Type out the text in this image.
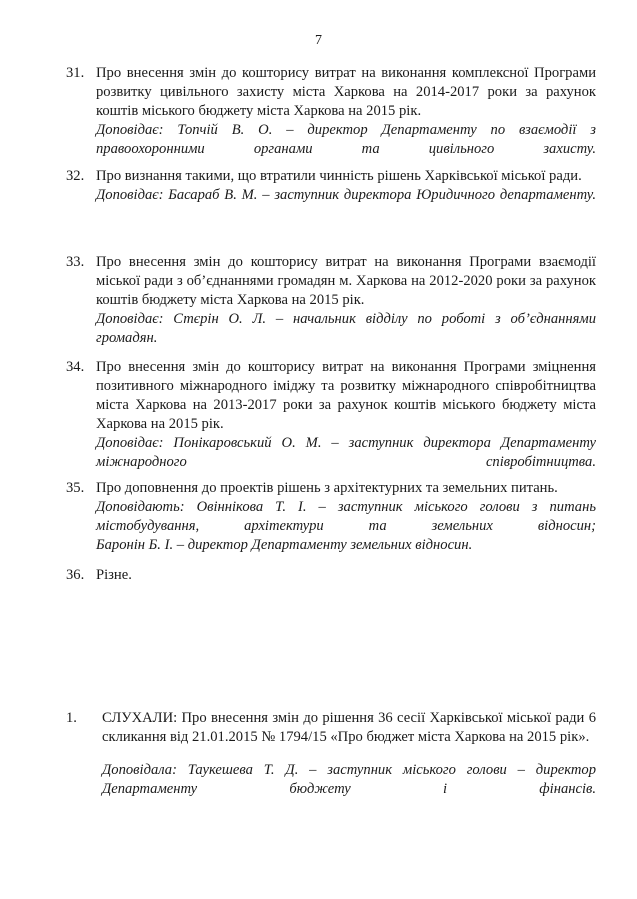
7
31. Про внесення змін до кошторису витрат на виконання комплексної Програми розвитку цивільного захисту міста Харкова на 2014-2017 роки за рахунок коштів міського бюджету міста Харкова на 2015 рік.
Доповідає: Топчій В. О. – директор Департаменту по взаємодії з правоохоронними органами та цивільного захисту.
32. Про визнання такими, що втратили чинність рішень Харківської міської ради.
Доповідає: Басараб В. М. – заступник директора Юридичного департаменту.
33. Про внесення змін до кошторису витрат на виконання Програми взаємодії міської ради з об’єднаннями громадян м. Харкова на 2012-2020 роки за рахунок коштів бюджету міста Харкова на 2015 рік.
Доповідає: Стєрін О. Л. – начальник відділу по роботі з об’єднаннями громадян.
34. Про внесення змін до кошторису витрат на виконання Програми зміцнення позитивного міжнародного іміджу та розвитку міжнародного співробітництва міста Харкова на 2013-2017 роки за рахунок коштів міського бюджету міста Харкова на 2015 рік.
Доповідає: Понікаровський О. М. – заступник директора Департаменту міжнародного співробітництва.
35. Про доповнення до проектів рішень з архітектурних та земельних питань.
Доповідають: Овіннікова Т. І. – заступник міського голови з питань містобудування, архітектури та земельних відносин;
Баронін Б. І. – директор Департаменту земельних відносин.
36. Різне.
1.	СЛУХАЛИ: Про внесення змін до рішення 36 сесії Харківської міської ради 6 скликання від 21.01.2015 № 1794/15 «Про бюджет міста Харкова на 2015 рік».
Доповідала: Таукешева Т. Д. – заступник міського голови – директор Департаменту бюджету і фінансів.
